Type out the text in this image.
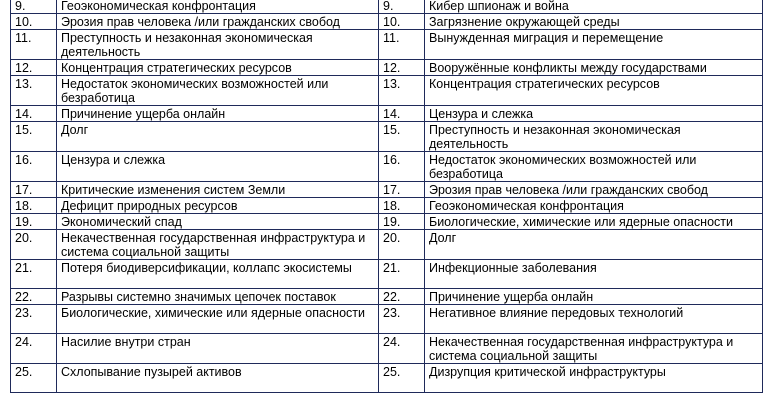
9.	Геоэкономическая конфронтация	9.	Кибер шпионаж и война
10.	Эрозия прав человека /или гражданских свобод	10.	Загрязнение окружающей среды
11.	Преступность и незаконная экономическая деятельность	11.	Вынужденная миграция и перемещение
12.	Концентрация стратегических ресурсов	12.	Вооружённые конфликты между государствами
13.	Недостаток экономических возможностей или безработица	13.	Концентрация стратегических ресурсов
14.	Причинение ущерба онлайн	14.	Цензура и слежка
15.	Долг	15.	Преступность и незаконная экономическая деятельность
16.	Цензура и слежка	16.	Недостаток экономических возможностей или безработица
17.	Критические изменения систем Земли	17.	Эрозия прав человека /или гражданских свобод
18.	Дефицит природных ресурсов	18.	Геоэкономическая конфронтация
19.	Экономический спад	19.	Биологические, химические или ядерные опасности
20.	Некачественная государственная инфраструктура и система социальной защиты	20.	Долг
21.	Потеря биодиверсификации, коллапс экосистемы	21.	Инфекционные заболевания
22.	Разрывы системно значимых цепочек поставок	22.	Причинение ущерба онлайн
23.	Биологические, химические или ядерные опасности	23.	Негативное влияние передовых технологий
24.	Насилие внутри стран	24.	Некачественная государственная инфраструктура и система социальной защиты
25.	Схлопывание пузырей активов	25.	Дизрупция критической инфраструктуры
